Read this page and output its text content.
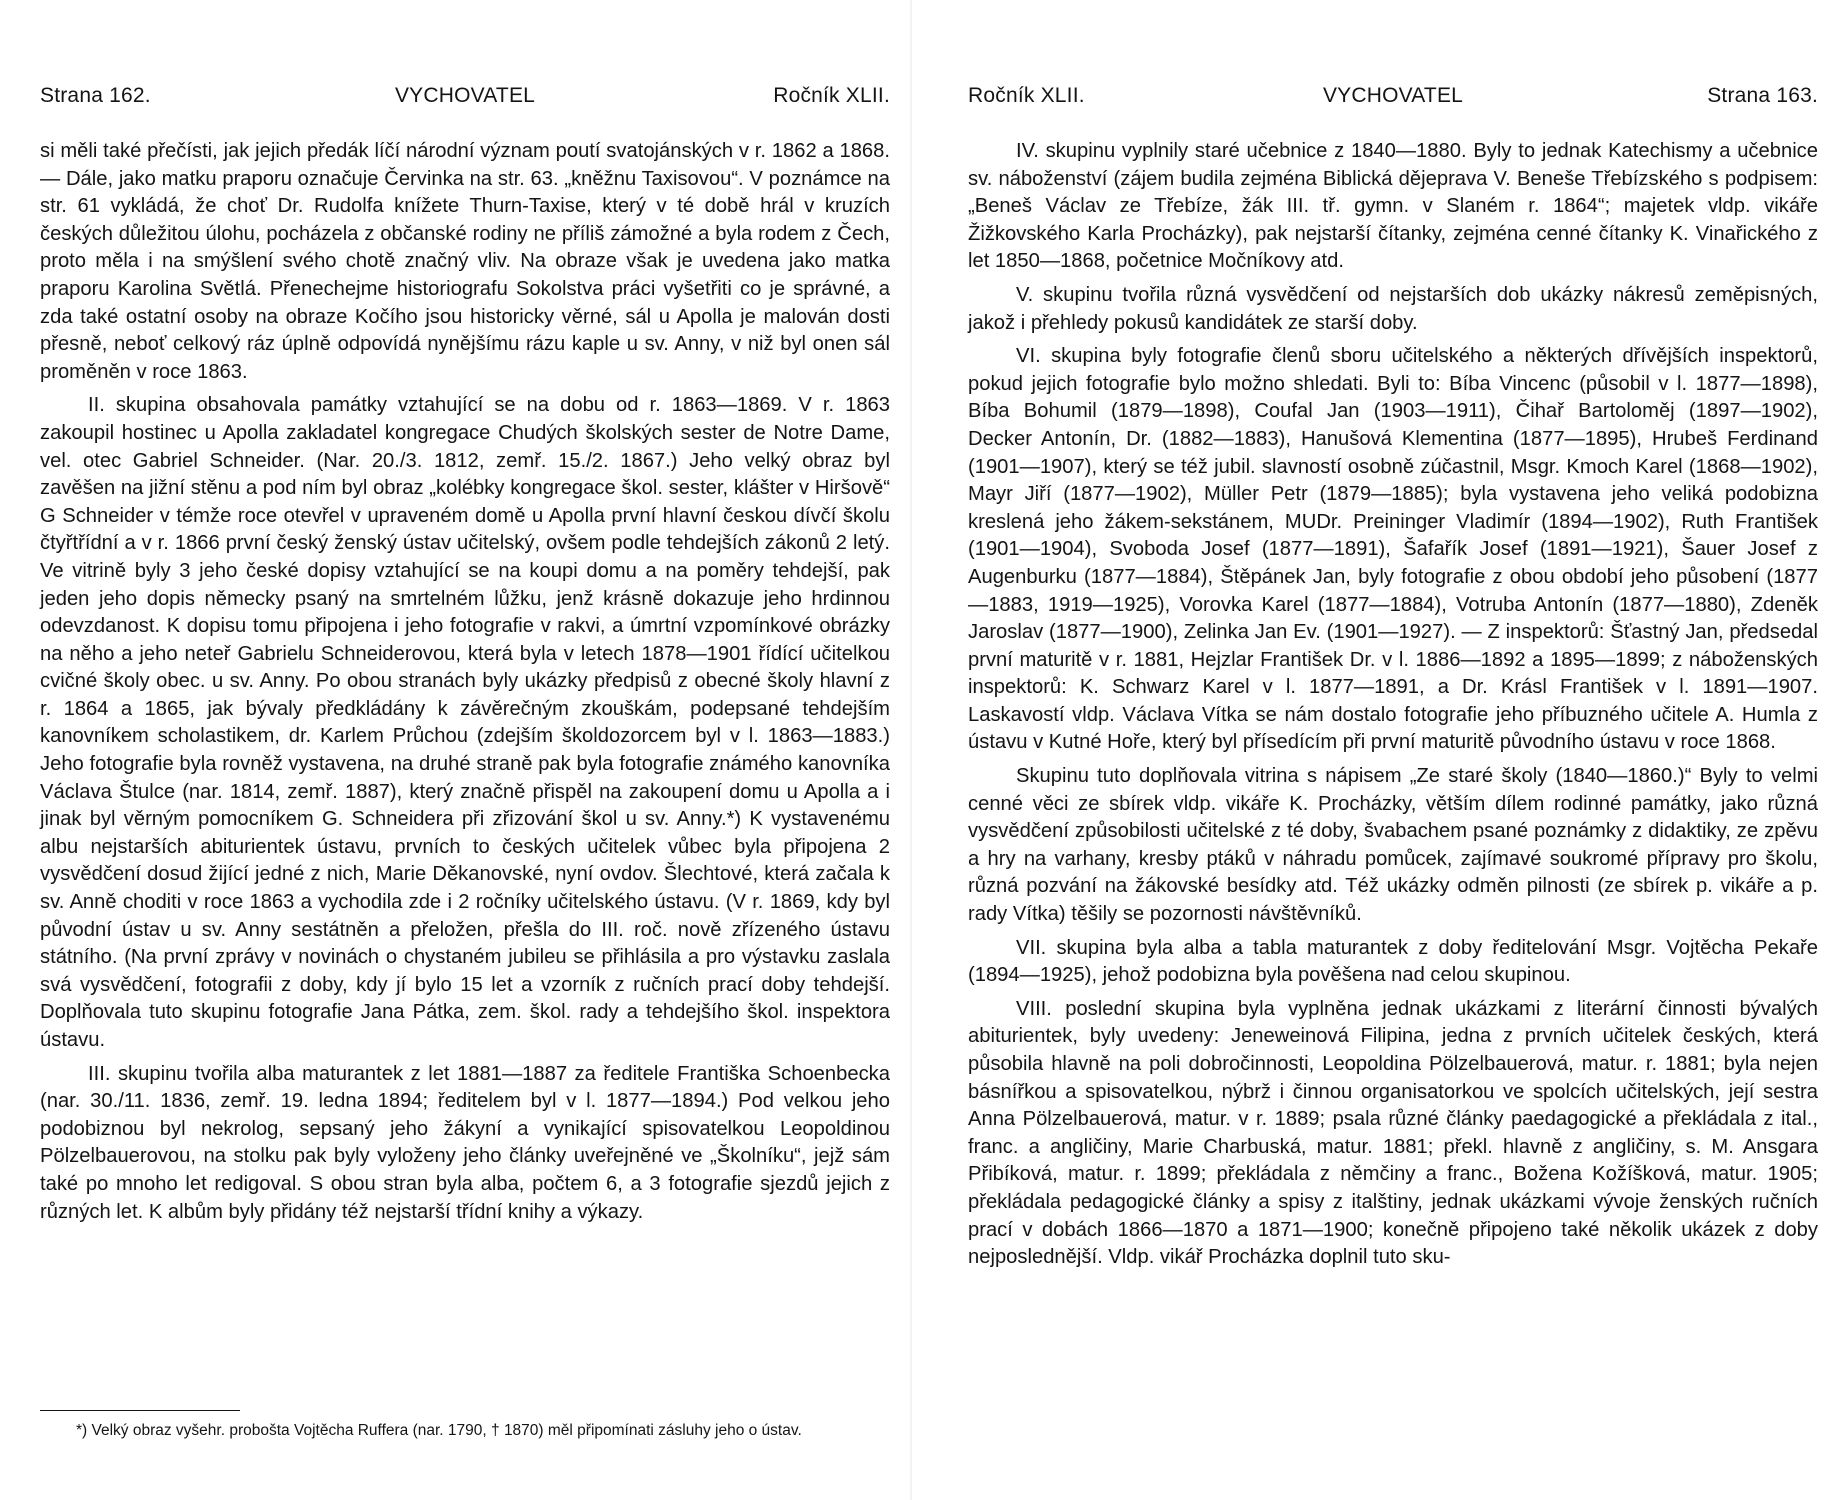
Strana 162.	VYCHOVATEL	Ročník XLII.

si měli také přečísti, jak jejich předák líčí národní význam poutí svatojánských v r. 1862 a 1868. — Dále, jako matku praporu označuje Červinka na str. 63. „kněžnu Taxisovou“. V poznámce na str. 61 vykládá, že choť Dr. Rudolfa knížete Thurn-Taxise, který v té době hrál v kruzích českých důležitou úlohu, pocházela z občanské rodiny ne příliš zámožné a byla rodem z Čech, proto měla i na smýšlení svého chotě značný vliv. Na obraze však je uvedena jako matka praporu Karolina Světlá. Přenechejme historiografu Sokolstva práci vyšetřiti co je správné, a zda také ostatní osoby na obraze Kočího jsou historicky věrné, sál u Apolla je malován dosti přesně, neboť celkový ráz úplně odpovídá nynějšímu rázu kaple u sv. Anny, v niž byl onen sál proměněn v roce 1863.

II. skupina obsahovala památky vztahující se na dobu od r. 1863—1869. V r. 1863 zakoupil hostinec u Apolla zakladatel kongregace Chudých školských sester de Notre Dame, vel. otec Gabriel Schneider. (Nar. 20./3. 1812, zemř. 15./2. 1867.) Jeho velký obraz byl zavěšen na jižní stěnu a pod ním byl obraz „kolébky kongregace škol. sester, klášter v Hiršově“ G Schneider v témže roce otevřel v upraveném domě u Apolla první hlavní českou dívčí školu čtyřtřídní a v r. 1866 první český ženský ústav učitelský, ovšem podle tehdejších zákonů 2 letý. Ve vitrině byly 3 jeho české dopisy vztahující se na koupi domu a na poměry tehdejší, pak jeden jeho dopis německy psaný na smrtelném lůžku, jenž krásně dokazuje jeho hrdinnou odevzdanost. K dopisu tomu připojena i jeho fotografie v rakvi, a úmrtní vzpomínkové obrázky na něho a jeho neteř Gabrielu Schneiderovou, která byla v letech 1878—1901 řídící učitelkou cvičné školy obec. u sv. Anny. Po obou stranách byly ukázky předpisů z obecné školy hlavní z r. 1864 a 1865, jak bývaly předkládány k závěrečným zkouškám, podepsané tehdejším kanovníkem scholastikem, dr. Karlem Průchou (zdejším školdozorcem byl v l. 1863—1883.) Jeho fotografie byla rovněž vystavena, na druhé straně pak byla fotografie známého kanovníka Václava Štulce (nar. 1814, zemř. 1887), který značně přispěl na zakoupení domu u Apolla a i jinak byl věrným pomocníkem G. Schneidera při zřizování škol u sv. Anny.*) K vystavenému albu nejstarších abiturientek ústavu, prvních to českých učitelek vůbec byla připojena 2 vysvědčení dosud žijící jedné z nich, Marie Děkanovské, nyní ovdov. Šlechtové, která začala k sv. Anně choditi v roce 1863 a vychodila zde i 2 ročníky učitelského ústavu. (V r. 1869, kdy byl původní ústav u sv. Anny sestátněn a přeložen, přešla do III. roč. nově zřízeného ústavu státního. (Na první zprávy v novinách o chystaném jubileu se přihlásila a pro výstavku zaslala svá vysvědčení, fotografii z doby, kdy jí bylo 15 let a vzorník z ručních prací doby tehdejší. Doplňovala tuto skupinu fotografie Jana Pátka, zem. škol. rady a tehdejšího škol. inspektora ústavu.

III. skupinu tvořila alba maturantek z let 1881—1887 za ředitele Františka Schoenbecka (nar. 30./11. 1836, zemř. 19. ledna 1894; ředitelem byl v l. 1877—1894.) Pod velkou jeho podobiznou byl nekrolog, sepsaný jeho žákyní a vynikající spisovatelkou Leopoldinou Pölzelbauerovou, na stolku pak byly vyloženy jeho články uveřejněné ve „Školníku“, jejž sám také po mnoho let redigoval. S obou stran byla alba, počtem 6, a 3 fotografie sjezdů jejich z různých let. K albům byly přidány též nejstarší třídní knihy a výkazy.

*) Velký obraz vyšehr. probošta Vojtěcha Ruffera (nar. 1790, † 1870) měl připomínati zásluhy jeho o ústav.
Ročník XLII.	VYCHOVATEL	Strana 163.

IV. skupinu vyplnily staré učebnice z 1840—1880. Byly to jednak Katechismy a učebnice sv. náboženství (zájem budila zejména Biblická dějeprava V. Beneše Třebízského s podpisem: „Beneš Václav ze Třebíze, žák III. tř. gymn. v Slaném r. 1864“; majetek vldp. vikáře Žižkovského Karla Procházky), pak nejstarší čítanky, zejména cenné čítanky K. Vinařického z let 1850—1868, početnice Močníkovy atd.

V. skupinu tvořila různá vysvědčení od nejstarších dob ukázky nákresů zeměpisných, jakož i přehledy pokusů kandidátek ze starší doby.

VI. skupina byly fotografie členů sboru učitelského a některých dřívějších inspektorů, pokud jejich fotografie bylo možno shledati. Byli to: Bíba Vincenc (působil v l. 1877—1898), Bíba Bohumil (1879—1898), Coufal Jan (1903—1911), Čihař Bartoloměj (1897—1902), Decker Antonín, Dr. (1882—1883), Hanušová Klementina (1877—1895), Hrubeš Ferdinand (1901—1907), který se též jubil. slavností osobně zúčastnil, Msgr. Kmoch Karel (1868—1902), Mayr Jiří (1877—1902), Müller Petr (1879—1885); byla vystavena jeho veliká podobizna kreslená jeho žákem-sekstánem, MUDr. Preininger Vladimír (1894—1902), Ruth František (1901—1904), Svoboda Josef (1877—1891), Šafařík Josef (1891—1921), Šauer Josef z Augenburku (1877—1884), Štěpánek Jan, byly fotografie z obou období jeho působení (1877—1883, 1919—1925), Vorovka Karel (1877—1884), Votruba Antonín (1877—1880), Zdeněk Jaroslav (1877—1900), Zelinka Jan Ev. (1901—1927). — Z inspektorů: Šťastný Jan, předsedal první maturitě v r. 1881, Hejzlar František Dr. v l. 1886—1892 a 1895—1899; z náboženských inspektorů: K. Schwarz Karel v l. 1877—1891, a Dr. Krásl František v l. 1891—1907. Laskavostí vldp. Václava Vítka se nám dostalo fotografie jeho příbuzného učitele A. Humla z ústavu v Kutné Hoře, který byl přísedícím při první maturitě původního ústavu v roce 1868.

Skupinu tuto doplňovala vitrina s nápisem „Ze staré školy (1840—1860.)“ Byly to velmi cenné věci ze sbírek vldp. vikáře K. Procházky, větším dílem rodinné památky, jako různá vysvědčení způsobilosti učitelské z té doby, švabachem psané poznámky z didaktiky, ze zpěvu a hry na varhany, kresby ptáků v náhradu pomůcek, zajímavé soukromé přípravy pro školu, různá pozvání na žákovské besídky atd. Též ukázky odměn pilnosti (ze sbírek p. vikáře a p. rady Vítka) těšily se pozornosti návštěvníků.

VII. skupina byla alba a tabla maturantek z doby ředitelování Msgr. Vojtěcha Pekaře (1894—1925), jehož podobizna byla pověšena nad celou skupinou.

VIII. poslední skupina byla vyplněna jednak ukázkami z literární činnosti bývalých abiturientek, byly uvedeny: Jeneweinová Filipina, jedna z prvních učitelek českých, která působila hlavně na poli dobročinnosti, Leopoldina Pölzelbauerová, matur. r. 1881; byla nejen básnířkou a spisovatelkou, nýbrž i činnou organisatorkou ve spolcích učitelských, její sestra Anna Pölzelbauerová, matur. v r. 1889; psala různé články paedagogické a překládala z ital., franc. a angličiny, Marie Charbuská, matur. 1881; překl. hlavně z angličiny, s. M. Ansgara Přibíková, matur. r. 1899; překládala z němčiny a franc., Božena Kožíšková, matur. 1905; překládala pedagogické články a spisy z italštiny, jednak ukázkami vývoje ženských ručních prací v dobách 1866—1870 a 1871—1900; konečně připojeno také několik ukázek z doby nejposlednější. Vldp. vikář Procházka doplnil tuto sku-
